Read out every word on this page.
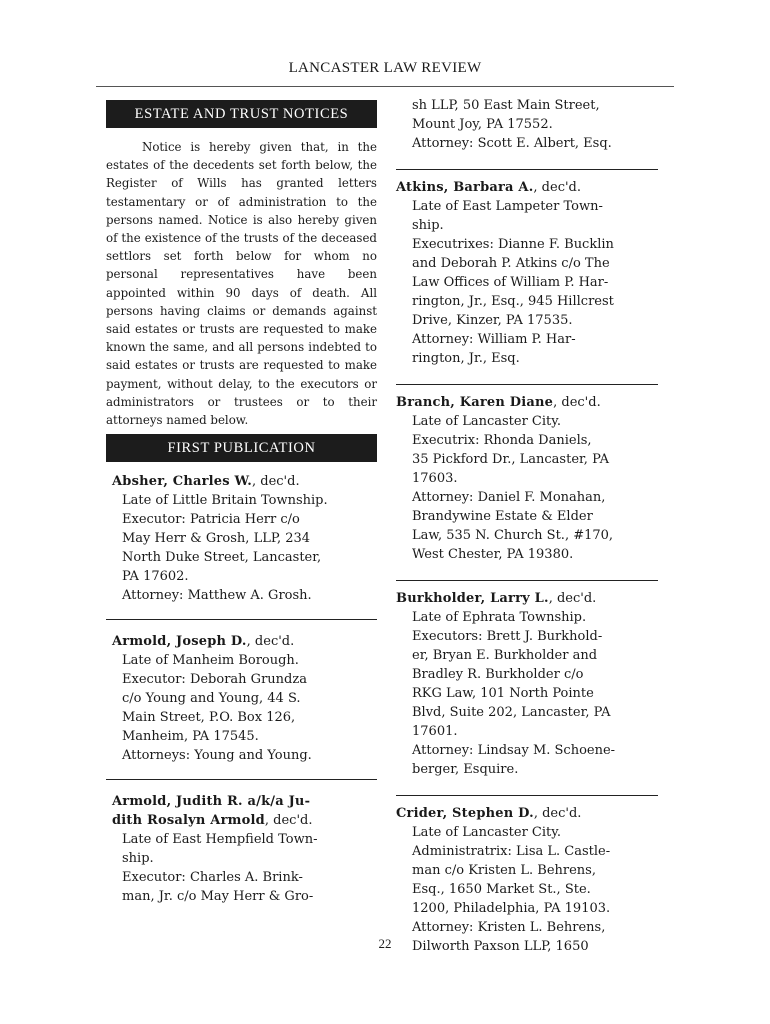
LANCASTER LAW REVIEW
ESTATE AND TRUST NOTICES

Notice is hereby given that, in the estates of the decedents set forth below, the Register of Wills has granted letters testamentary or of administration to the persons named. Notice is also hereby given of the existence of the trusts of the deceased settlors set forth below for whom no personal representatives have been appointed within 90 days of death. All persons having claims or demands against said estates or trusts are requested to make known the same, and all persons indebted to said estates or trusts are requested to make payment, without delay, to the executors or administrators or trustees or to their attorneys named below.

FIRST PUBLICATION
Absher, Charles W., dec'd.
Late of Little Britain Township.
Executor: Patricia Herr c/o
May Herr & Grosh, LLP, 234
North Duke Street, Lancaster,
PA 17602.
Attorney: Matthew A. Grosh.
Armold, Joseph D., dec'd.
Late of Manheim Borough.
Executor: Deborah Grundza
c/o Young and Young, 44 S.
Main Street, P.O. Box 126,
Manheim, PA 17545.
Attorneys: Young and Young.
Armold, Judith R. a/k/a Ju-
dith Rosalyn Armold, dec'd.
Late of East Hempfield Town-
ship.
Executor: Charles A. Brink-
man, Jr. c/o May Herr & Gro-
sh LLP, 50 East Main Street,
Mount Joy, PA 17552.
Attorney: Scott E. Albert, Esq.
Atkins, Barbara A., dec'd.
Late of East Lampeter Town-
ship.
Executrixes: Dianne F. Bucklin
and Deborah P. Atkins c/o The
Law Offices of William P. Har-
rington, Jr., Esq., 945 Hillcrest
Drive, Kinzer, PA 17535.
Attorney: William P. Har-
rington, Jr., Esq.
Branch, Karen Diane, dec'd.
Late of Lancaster City.
Executrix: Rhonda Daniels,
35 Pickford Dr., Lancaster, PA
17603.
Attorney: Daniel F. Monahan,
Brandywine Estate & Elder
Law, 535 N. Church St., #170,
West Chester, PA 19380.
Burkholder, Larry L., dec'd.
Late of Ephrata Township.
Executors: Brett J. Burkhold-
er, Bryan E. Burkholder and
Bradley R. Burkholder c/o
RKG Law, 101 North Pointe
Blvd, Suite 202, Lancaster, PA
17601.
Attorney: Lindsay M. Schoene-
berger, Esquire.
Crider, Stephen D., dec'd.
Late of Lancaster City.
Administratrix: Lisa L. Castle-
man c/o Kristen L. Behrens,
Esq., 1650 Market St., Ste.
1200, Philadelphia, PA 19103.
Attorney: Kristen L. Behrens,
Dilworth Paxson LLP, 1650
22
